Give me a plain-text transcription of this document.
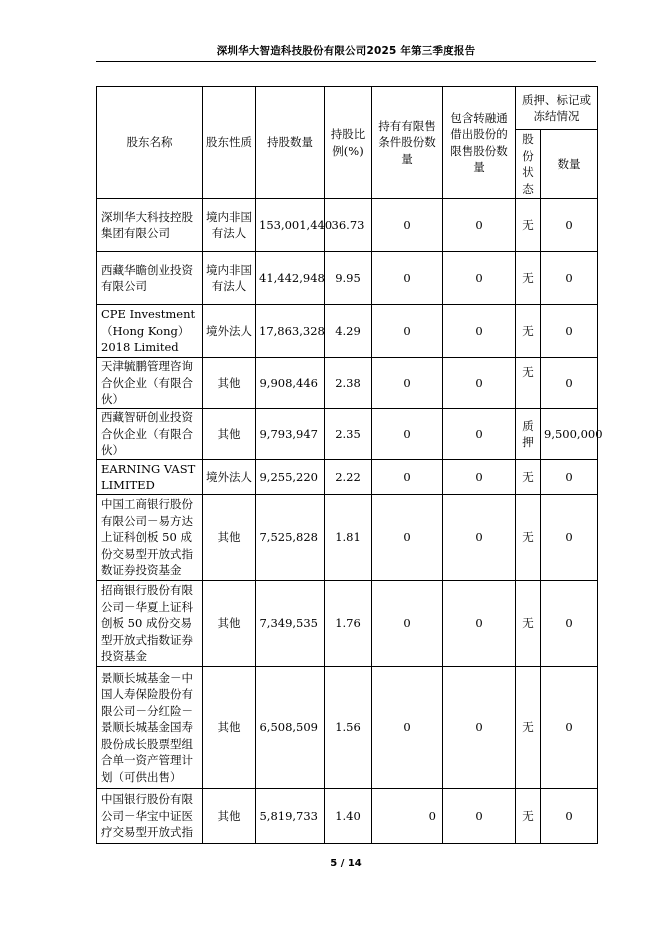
深圳华大智造科技股份有限公司2025 年第三季度报告
股东名称	股东性质	持股数量	持股比例(%)	持有有限售条件股份数量	包含转融通借出股份的限售股份数量	质押、标记或冻结情况	
						股份状态	数量
深圳华大科技控股集团有限公司	境内非国有法人	153,001,440	36.73	0	0	无	0
西藏华瞻创业投资有限公司	境内非国有法人	41,442,948	9.95	0	0	无	0
CPE Investment（Hong Kong）2018 Limited	境外法人	17,863,328	4.29	0	0	无	0
天津毓鹏管理咨询合伙企业（有限合伙）	其他	9,908,446	2.38	0	0	无	0
西藏智研创业投资合伙企业（有限合伙）	其他	9,793,947	2.35	0	0	质押	9,500,000
EARNING VAST LIMITED	境外法人	9,255,220	2.22	0	0	无	0
中国工商银行股份有限公司－易方达上证科创板 50 成份交易型开放式指数证券投资基金	其他	7,525,828	1.81	0	0	无	0
招商银行股份有限公司－华夏上证科创板 50 成份交易型开放式指数证券投资基金	其他	7,349,535	1.76	0	0	无	0
景顺长城基金－中国人寿保险股份有限公司－分红险－景顺长城基金国寿股份成长股票型组合单一资产管理计划（可供出售）	其他	6,508,509	1.56	0	0	无	0
中国银行股份有限公司－华宝中证医疗交易型开放式指	其他	5,819,733	1.40	0	0	无	0
5 / 14
